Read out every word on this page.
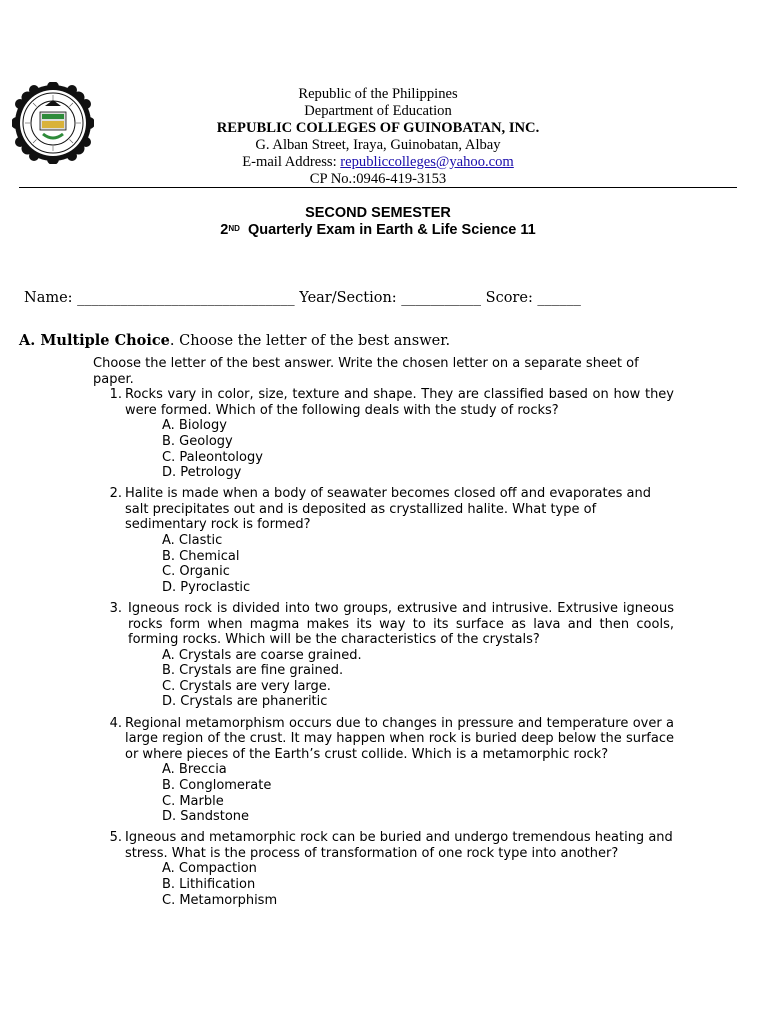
Republic of the Philippines
Department of Education
REPUBLIC COLLEGES OF GUINOBATAN, INC.
G. Alban Street, Iraya, Guinobatan, Albay
E-mail Address: republiccolleges@yahoo.com
CP No.:0946-419-3153
SECOND SEMESTER
2ND Quarterly Exam in Earth & Life Science 11
Name: ______________________________ Year/Section: ___________ Score: ______
A. Multiple Choice. Choose the letter of the best answer.

Choose the letter of the best answer. Write the chosen letter on a separate sheet of paper.

1. Rocks vary in color, size, texture and shape. They are classified based on how they were formed. Which of the following deals with the study of rocks?
A. Biology
B. Geology
C. Paleontology
D. Petrology
2. Halite is made when a body of seawater becomes closed off and evaporates and salt precipitates out and is deposited as crystallized halite. What type of sedimentary rock is formed?
A. Clastic
B. Chemical
C. Organic
D. Pyroclastic
3. Igneous rock is divided into two groups, extrusive and intrusive. Extrusive igneous rocks form when magma makes its way to its surface as lava and then cools, forming rocks. Which will be the characteristics of the crystals?
A. Crystals are coarse grained.
B. Crystals are fine grained.
C. Crystals are very large.
D. Crystals are phaneritic
4. Regional metamorphism occurs due to changes in pressure and temperature over a large region of the crust. It may happen when rock is buried deep below the surface or where pieces of the Earth’s crust collide. Which is a metamorphic rock?
A. Breccia
B. Conglomerate
C. Marble
D. Sandstone
5. Igneous and metamorphic rock can be buried and undergo tremendous heating and stress. What is the process of transformation of one rock type into another?
A. Compaction
B. Lithification
C. Metamorphism
